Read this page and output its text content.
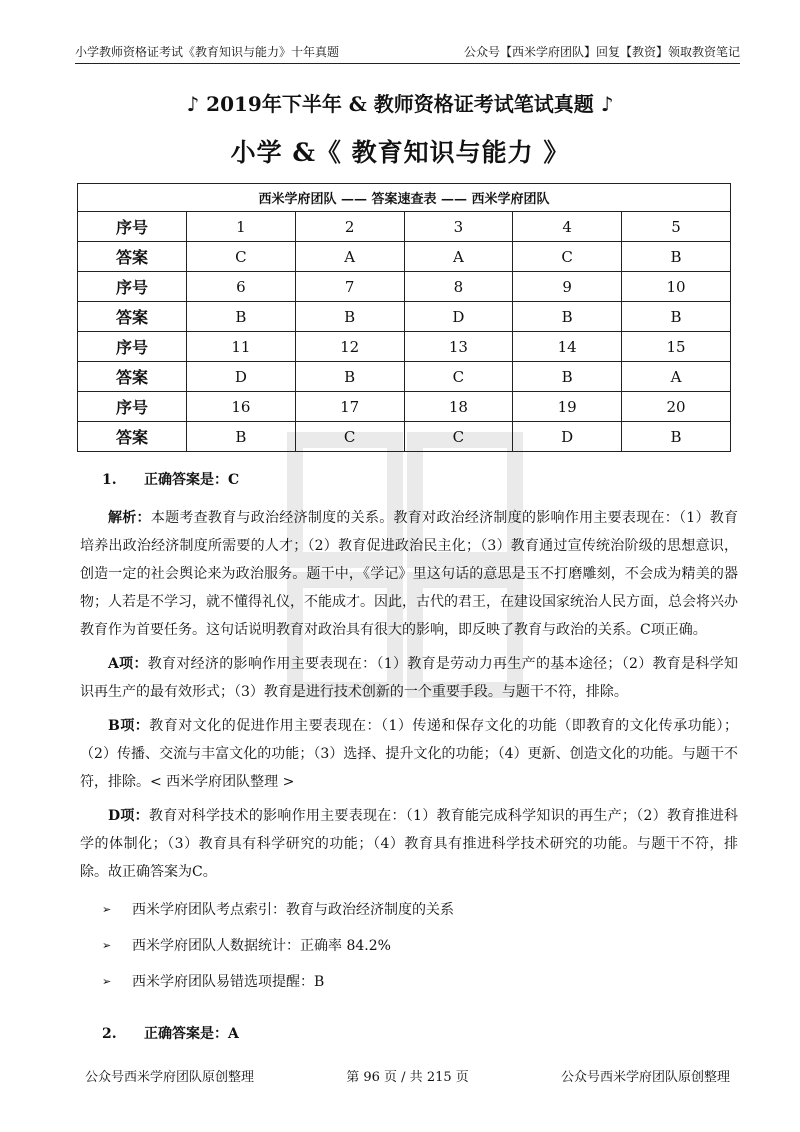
小学教师资格证考试《教育知识与能力》十年真题	公众号【西米学府团队】回复【教资】领取教资笔记
♪ 2019年下半年 & 教师资格证考试笔试真题 ♪
小学 &《 教育知识与能力 》
西米学府团队 —— 答案速查表 —— 西米学府团队					
序号	1	2	3	4	5
答案	C	A	A	C	B
序号	6	7	8	9	10
答案	B	B	D	B	B
序号	11	12	13	14	15
答案	D	B	C	B	A
序号	16	17	18	19	20
答案	B	C	C	D	B
1.	正确答案是：C

解析：本题考查教育与政治经济制度的关系。教育对政治经济制度的影响作用主要表现在：（1）教育培养出政治经济制度所需要的人才；（2）教育促进政治民主化；（3）教育通过宣传统治阶级的思想意识，创造一定的社会舆论来为政治服务。题干中，《学记》里这句话的意思是玉不打磨雕刻，不会成为精美的器物；人若是不学习，就不懂得礼仪，不能成才。因此，古代的君王，在建设国家统治人民方面，总会将兴办教育作为首要任务。这句话说明教育对政治具有很大的影响，即反映了教育与政治的关系。C项正确。

A项：教育对经济的影响作用主要表现在：（1）教育是劳动力再生产的基本途径；（2）教育是科学知识再生产的最有效形式；（3）教育是进行技术创新的一个重要手段。与题干不符，排除。

B项：教育对文化的促进作用主要表现在：（1）传递和保存文化的功能（即教育的文化传承功能）；（2）传播、交流与丰富文化的功能；（3）选择、提升文化的功能；（4）更新、创造文化的功能。与题干不符，排除。< 西米学府团队整理 >

D项：教育对科学技术的影响作用主要表现在：（1）教育能完成科学知识的再生产；（2）教育推进科学的体制化；（3）教育具有科学研究的功能；（4）教育具有推进科学技术研究的功能。与题干不符，排除。故正确答案为C。

➢	西米学府团队考点索引：教育与政治经济制度的关系
➢	西米学府团队人数据统计：正确率 84.2%
➢	西米学府团队易错选项提醒：B
2.	正确答案是：A
公众号西米学府团队原创整理	第 96 页 / 共 215 页	公众号西米学府团队原创整理
